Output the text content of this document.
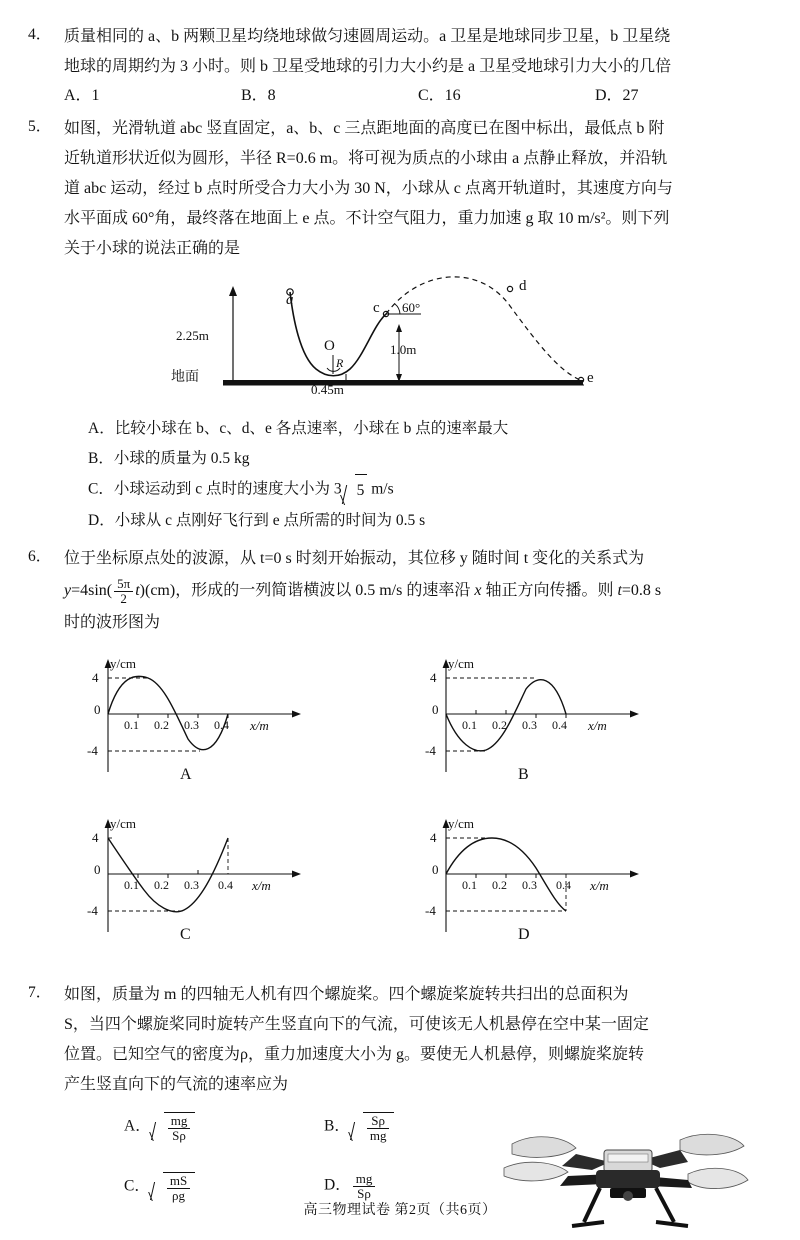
4． 质量相同的 a、b 两颗卫星均绕地球做匀速圆周运动。a 卫星是地球同步卫星，b 卫星绕
地球的周期约为 3 小时。则 b 卫星受地球的引力大小约是 a 卫星受地球引力大小的几倍
A．1	B．8	C．16	D．27
5． 如图，光滑轨道 abc 竖直固定，a、b、c 三点距地面的高度已在图中标出，最低点 b 附
近轨道形状近似为圆形，半径 R=0.6 m。将可视为质点的小球由 a 点静止释放，并沿轨
道 abc 运动，经过 b 点时所受合力大小为 30 N，小球从 c 点离开轨道时，其速度方向与
水平面成 60°角，最终落在地面上 e 点。不计空气阻力，重力加速 g 取 10 m/s²。则下列
关于小球的说法正确的是
a	c
d
e
O
R
60°
2.25m
地面
0.45m
1.0m
A．比较小球在 b、c、d、e 各点速率，小球在 b 点的速率最大
B．小球的质量为 0.5 kg
C．小球运动到 c 点时的速度大小为 3 5 m/s
D．小球从 c 点刚好飞行到 e 点所需的时间为 0.5 s
6． 位于坐标原点处的波源，从 t=0 s 时刻开始振动，其位移 y 随时间 t 变化的关系式为
$y=4\sin( \frac{5\pi}{2} t)(cm)$，形成的一列简谐横波以 0.5 m/s 的速率沿 x 轴正方向传播。则 t=0.8 s
时的波形图为
y/cm
4
-4
0
0.1 0.2 0.3 0.4 x/m
A
y/cm
4
-4
0
0.1 0.2 0.3 0.4 x/m
B
y/cm
4
-4
0
0.1 0.2 0.3 0.4 x/m
C
y/cm
4
-4
0
0.1 0.2 0.3 0.4 x/m
D
7． 如图，质量为 m 的四轴无人机有四个螺旋桨。四个螺旋桨旋转共扫出的总面积为
S，当四个螺旋桨同时旋转产生竖直向下的气流，可使该无人机悬停在空中某一固定
位置。已知空气的密度为ρ，重力加速度大小为 g。要使无人机悬停，则螺旋桨旋转
产生竖直向下的气流的速率应为
A． $\frac{mg}{S\rho}$	B． $\frac{S\rho}{mg}$
C． $\frac{mS}{\rho g}$	D． $\frac{mg}{S\rho}$
高三物理试卷 第2页（共6页）
